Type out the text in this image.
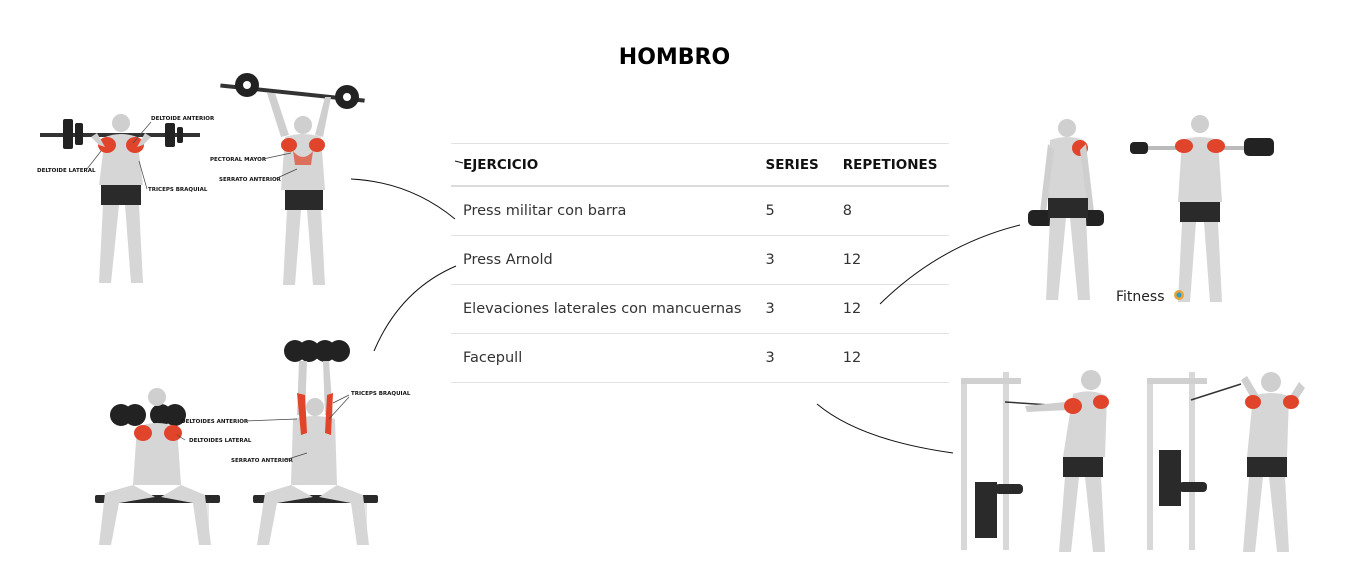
HOMBRO
EJERCICIO	SERIES	REPETIONES
Press militar con barra	5	8
Press Arnold	3	12
Elevaciones laterales con mancuernas	3	12
Facepull	3	12
DELTOIDE ANTERIOR
DELTOIDE LATERAL
TRICEPS BRAQUIAL
PECTORAL MAYOR
SERRATO ANTERIOR
DELTOIDES ANTERIOR
DELTOIDES LATERAL
SERRATO ANTERIOR
TRICEPS BRAQUIAL
Fitness
